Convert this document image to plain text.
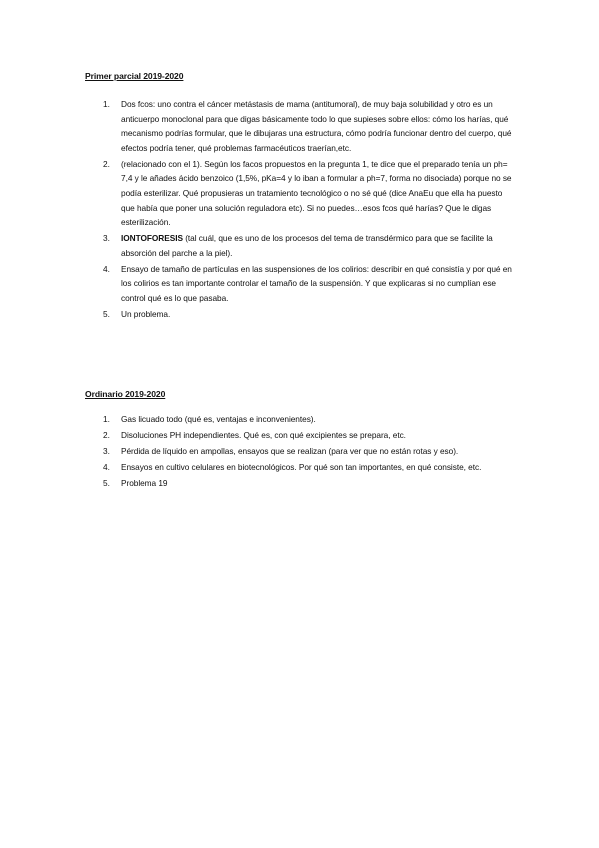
Primer parcial 2019-2020
1. Dos fcos: uno contra el cáncer metástasis de mama (antitumoral), de muy baja solubilidad y otro es un anticuerpo monoclonal para que digas básicamente todo lo que supieses sobre ellos: cómo los harías, qué mecanismo podrías formular, que le dibujaras una estructura, cómo podría funcionar dentro del cuerpo, qué efectos podría tener, qué problemas farmacéuticos traerían,etc.
2. (relacionado con el 1). Según los facos propuestos en la pregunta 1, te dice que el preparado tenía un ph= 7,4 y le añades ácido benzoico (1,5%, pKa=4 y lo iban a formular a ph=7, forma no disociada) porque no se podía esterilizar. Qué propusieras un tratamiento tecnológico o no sé qué (dice AnaEu que ella ha puesto que había que poner una solución reguladora etc). Si no puedes…esos fcos qué harías? Que le digas esterilización.
3. IONTOFORESIS (tal cuál, que es uno de los procesos del tema de transdérmico para que se facilite la absorción del parche a la piel).
4. Ensayo de tamaño de partículas en las suspensiones de los colirios: describir en qué consistía y por qué en los colirios es tan importante controlar el tamaño de la suspensión. Y que explicaras si no cumplían ese control qué es lo que pasaba.
5. Un problema.
Ordinario 2019-2020
1. Gas licuado todo (qué es, ventajas e inconvenientes).
2. Disoluciones PH independientes. Qué es, con qué excipientes se prepara, etc.
3. Pérdida de líquido en ampollas, ensayos que se realizan (para ver que no están rotas y eso).
4. Ensayos en cultivo celulares en biotecnológicos. Por qué son tan importantes, en qué consiste, etc.
5. Problema 19
